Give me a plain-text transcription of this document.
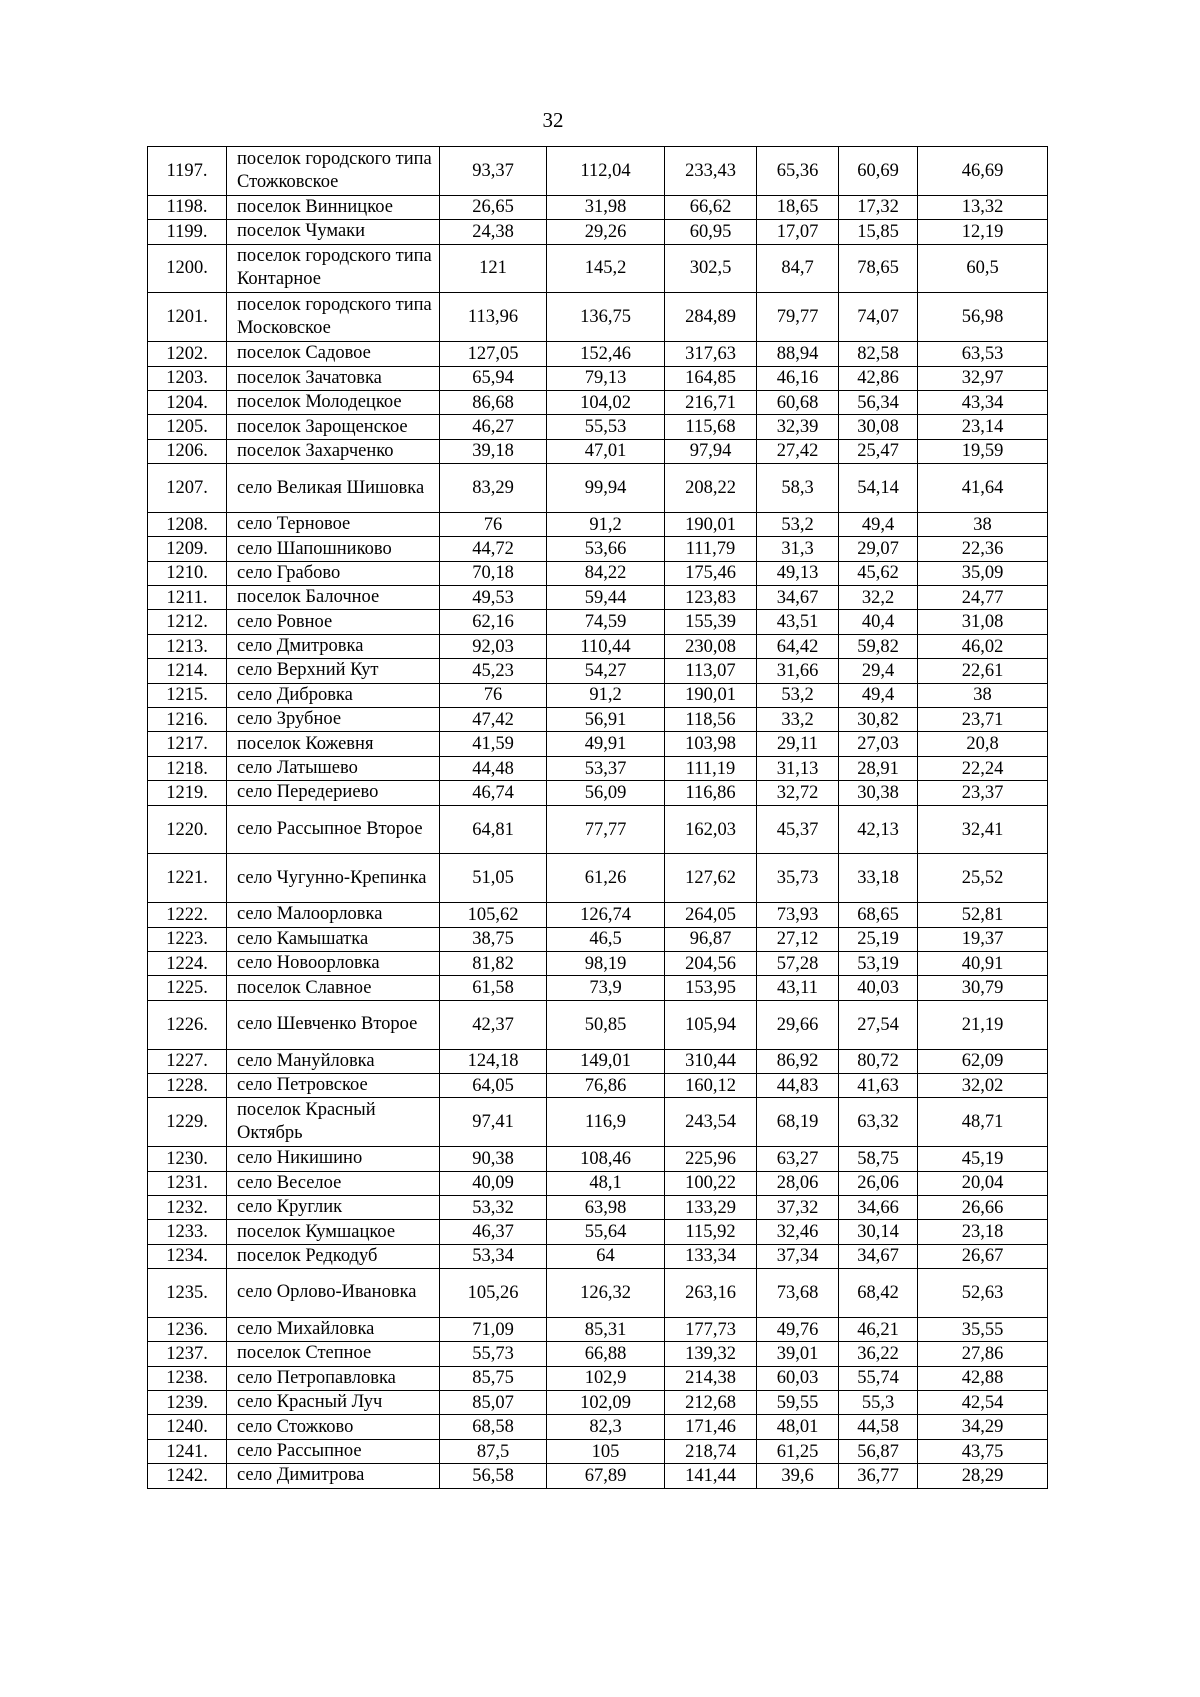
32
1197.	поселок городского типа Стожковское	93,37	112,04	233,43	65,36	60,69	46,69
1198.	поселок Винницкое	26,65	31,98	66,62	18,65	17,32	13,32
1199.	поселок Чумаки	24,38	29,26	60,95	17,07	15,85	12,19
1200.	поселок городского типа Контарное	121	145,2	302,5	84,7	78,65	60,5
1201.	поселок городского типа Московское	113,96	136,75	284,89	79,77	74,07	56,98
1202.	поселок Садовое	127,05	152,46	317,63	88,94	82,58	63,53
1203.	поселок Зачатовка	65,94	79,13	164,85	46,16	42,86	32,97
1204.	поселок Молодецкое	86,68	104,02	216,71	60,68	56,34	43,34
1205.	поселок Зарощенское	46,27	55,53	115,68	32,39	30,08	23,14
1206.	поселок Захарченко	39,18	47,01	97,94	27,42	25,47	19,59
1207.	село Великая Шишовка	83,29	99,94	208,22	58,3	54,14	41,64
1208.	село Терновое	76	91,2	190,01	53,2	49,4	38
1209.	село Шапошниково	44,72	53,66	111,79	31,3	29,07	22,36
1210.	село Грабово	70,18	84,22	175,46	49,13	45,62	35,09
1211.	поселок Балочное	49,53	59,44	123,83	34,67	32,2	24,77
1212.	село Ровное	62,16	74,59	155,39	43,51	40,4	31,08
1213.	село Дмитровка	92,03	110,44	230,08	64,42	59,82	46,02
1214.	село Верхний Кут	45,23	54,27	113,07	31,66	29,4	22,61
1215.	село Дибровка	76	91,2	190,01	53,2	49,4	38
1216.	село Зрубное	47,42	56,91	118,56	33,2	30,82	23,71
1217.	поселок Кожевня	41,59	49,91	103,98	29,11	27,03	20,8
1218.	село Латышево	44,48	53,37	111,19	31,13	28,91	22,24
1219.	село Передериево	46,74	56,09	116,86	32,72	30,38	23,37
1220.	село Рассыпное Второе	64,81	77,77	162,03	45,37	42,13	32,41
1221.	село Чугунно-Крепинка	51,05	61,26	127,62	35,73	33,18	25,52
1222.	село Малоорловка	105,62	126,74	264,05	73,93	68,65	52,81
1223.	село Камышатка	38,75	46,5	96,87	27,12	25,19	19,37
1224.	село Новоорловка	81,82	98,19	204,56	57,28	53,19	40,91
1225.	поселок Славное	61,58	73,9	153,95	43,11	40,03	30,79
1226.	село Шевченко Второе	42,37	50,85	105,94	29,66	27,54	21,19
1227.	село Мануйловка	124,18	149,01	310,44	86,92	80,72	62,09
1228.	село Петровское	64,05	76,86	160,12	44,83	41,63	32,02
1229.	поселок Красный Октябрь	97,41	116,9	243,54	68,19	63,32	48,71
1230.	село Никишино	90,38	108,46	225,96	63,27	58,75	45,19
1231.	село Веселое	40,09	48,1	100,22	28,06	26,06	20,04
1232.	село Круглик	53,32	63,98	133,29	37,32	34,66	26,66
1233.	поселок Кумшацкое	46,37	55,64	115,92	32,46	30,14	23,18
1234.	поселок Редкодуб	53,34	64	133,34	37,34	34,67	26,67
1235.	село Орлово-Ивановка	105,26	126,32	263,16	73,68	68,42	52,63
1236.	село Михайловка	71,09	85,31	177,73	49,76	46,21	35,55
1237.	поселок Степное	55,73	66,88	139,32	39,01	36,22	27,86
1238.	село Петропавловка	85,75	102,9	214,38	60,03	55,74	42,88
1239.	село Красный Луч	85,07	102,09	212,68	59,55	55,3	42,54
1240.	село Стожково	68,58	82,3	171,46	48,01	44,58	34,29
1241.	село Рассыпное	87,5	105	218,74	61,25	56,87	43,75
1242.	село Димитрова	56,58	67,89	141,44	39,6	36,77	28,29
